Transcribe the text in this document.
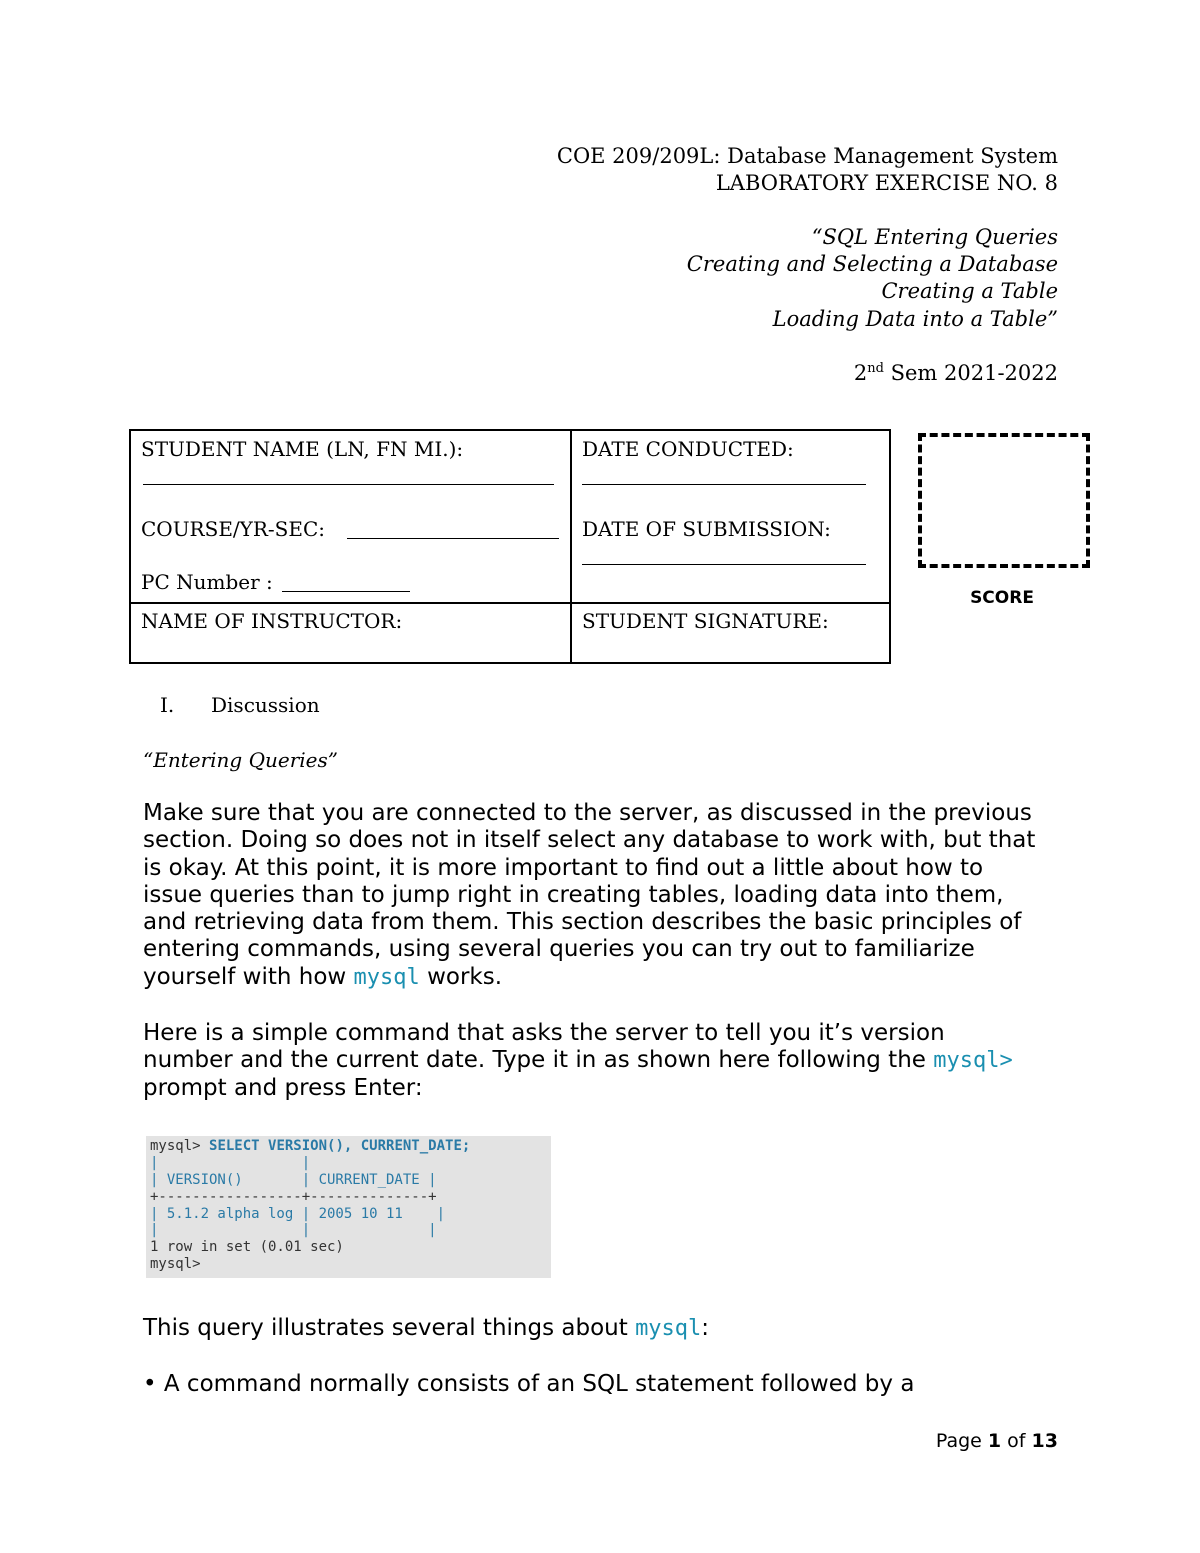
COE 209/209L: Database Management System
LABORATORY EXERCISE NO. 8
“SQL Entering Queries
Creating and Selecting a Database
Creating a Table
Loading Data into a Table”
2nd Sem 2021-2022
STUDENT NAME (LN, FN MI.):
COURSE/YR-SEC:
PC Number :
DATE CONDUCTED:
DATE OF SUBMISSION:
NAME OF INSTRUCTOR:	STUDENT SIGNATURE:
SCORE
I. Discussion
“Entering Queries”
Make sure that you are connected to the server, as discussed in the previous
section. Doing so does not in itself select any database to work with, but that
is okay. At this point, it is more important to find out a little about how to
issue queries than to jump right in creating tables, loading data into them,
and retrieving data from them. This section describes the basic principles of
entering commands, using several queries you can try out to familiarize
yourself with how mysql works.
Here is a simple command that asks the server to tell you it’s version
number and the current date. Type it in as shown here following the mysql>
prompt and press Enter:
mysql> SELECT VERSION(), CURRENT_DATE;
|                 |
| VERSION()       | CURRENT_DATE |
+-----------------+--------------+
| 5.1.2 alpha log | 2005 10 11    |
|                 |              |
1 row in set (0.01 sec)
mysql>
This query illustrates several things about mysql:
• A command normally consists of an SQL statement followed by a
Page 1 of 13
